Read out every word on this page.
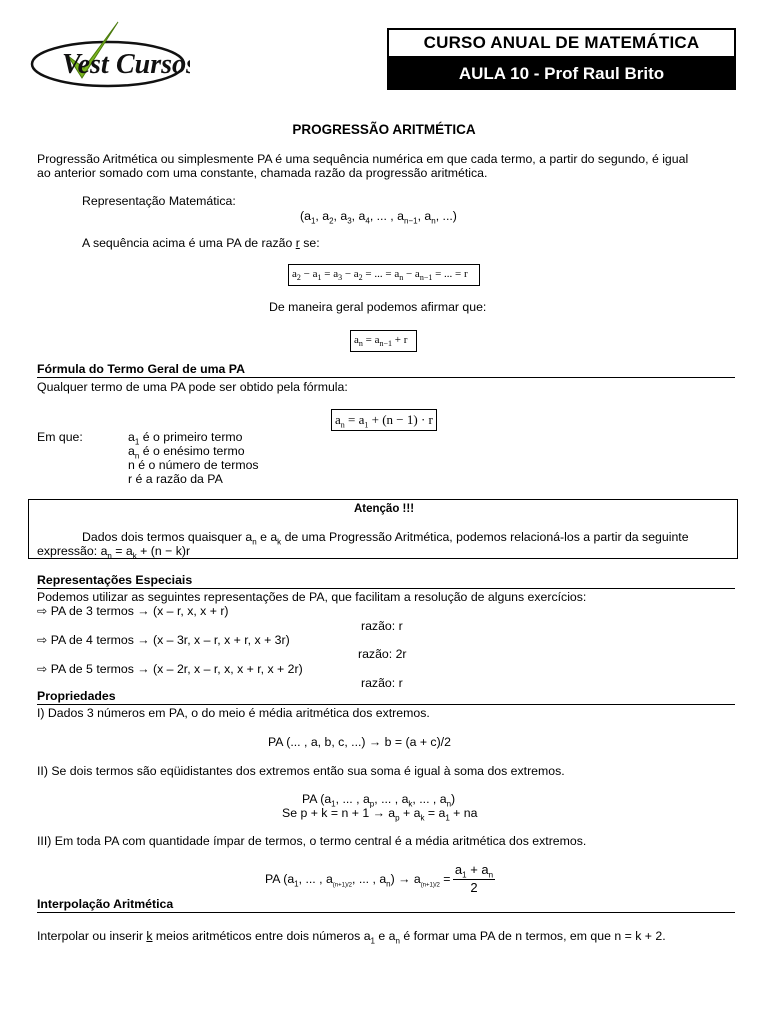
Vest Cursos
CURSO ANUAL DE MATEMÁTICA
AULA 10 - Prof Raul Brito
PROGRESSÃO ARITMÉTICA
Progressão Aritmética ou simplesmente PA é uma sequência numérica em que cada termo, a partir do segundo, é igual
ao anterior somado com uma constante, chamada razão da progressão aritmética.
Representação Matemática:
($a_1$, $a_2$, $a_3$, $a_4$, ... , $a_{n-1}$, $a_n$, ...)
A sequência acima é uma PA de razão r se:
$a_2 - a_1 = a_3 - a_2$ = ... = $a_n - a_{n-1}$ = ... = r
De maneira geral podemos afirmar que:
$a_n = a_{n-1} + r$
Fórmula do Termo Geral de uma PA
Qualquer termo de uma PA pode ser obtido pela fórmula:
$a_n = a_1 + (n - 1) \cdot r$
Em que:	$a_1$ é o primeiro termo
$a_n$ é o enésimo termo
n é o número de termos
r é a razão da PA
Atenção !!!
Dados dois termos quaisquer $a_n$ e $a_k$ de uma Progressão Aritmética, podemos relacioná-los a partir da seguinte
expressão: $a_n = a_k + (n - k)r$
Representações Especiais
Podemos utilizar as seguintes representações de PA, que facilitam a resolução de alguns exercícios:
⇨ PA de 3 termos → (x – r, x, x + r)
razão: r
⇨ PA de 4 termos → (x – 3r, x – r, x + r, x + 3r)
razão: 2r
⇨ PA de 5 termos → (x – 2r, x – r, x, x + r, x + 2r)
razão: r
Propriedades
I) Dados 3 números em PA, o do meio é média aritmética dos extremos.
PA (... , a, b, c, ...) → b = (a + c)/2
II) Se dois termos são eqüidistantes dos extremos então sua soma é igual à soma dos extremos.
PA ($a_1$, ... , $a_p$, ... , $a_k$, ... , $a_n$)
Se $p + k = n + 1 \to a_p + a_k = a_1$ + na
III) Em toda PA com quantidade ímpar de termos, o termo central é a média aritmética dos extremos.
PA ($a_1$, ... , $a_{(n+1)/2}$, ... , $a_n) \to a_{(n+1)/2}$ =
$a_1 + a_n$
2
Interpolação Aritmética
Interpolar ou inserir k meios aritméticos entre dois números $a_1$ e $a_n$ é formar uma PA de n termos, em que n = k + 2.
